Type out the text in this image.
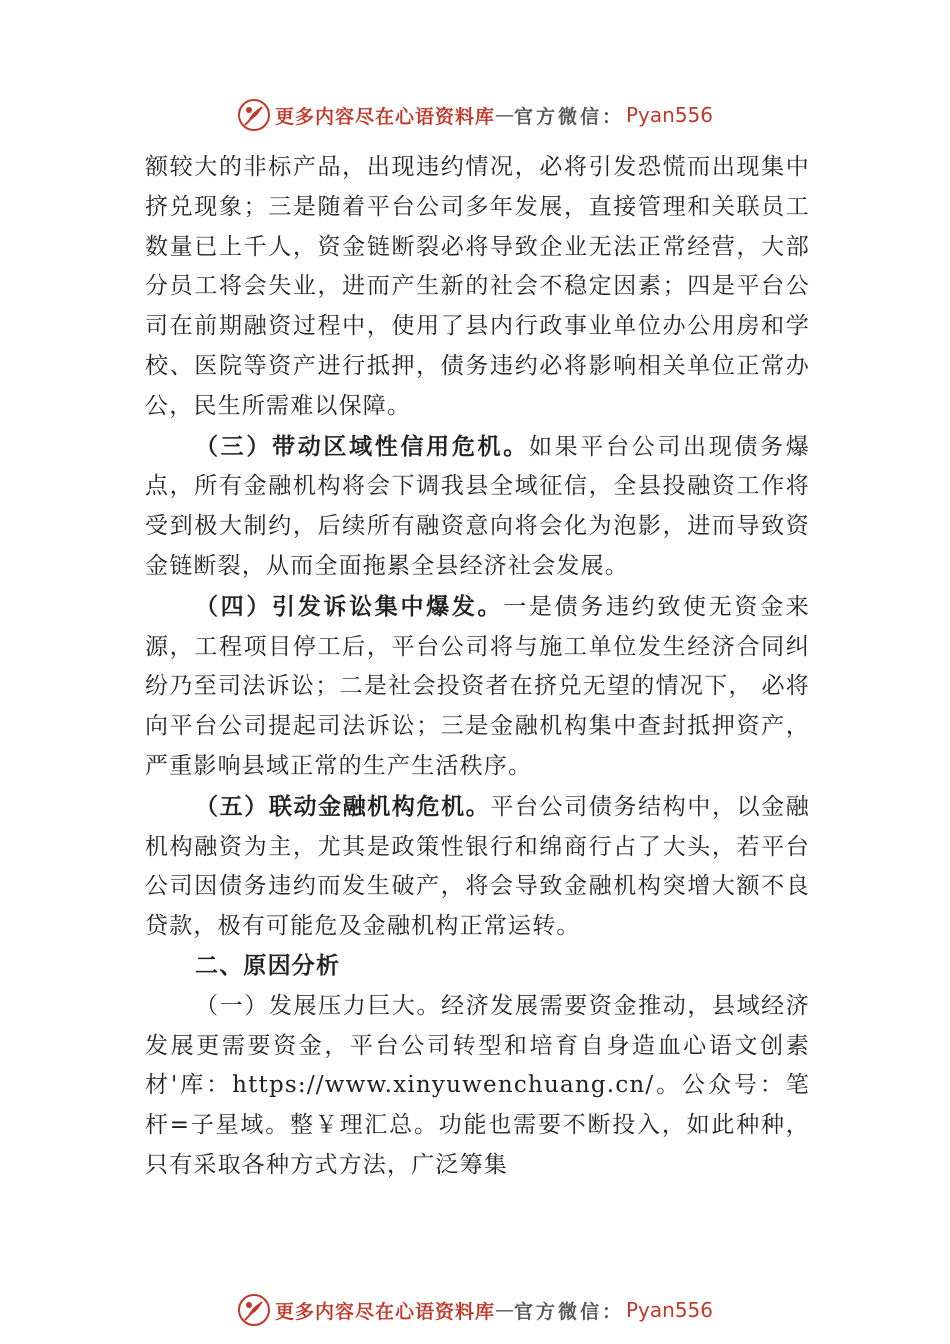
更多内容尽在心语资料库 — 官方微信： Pyan556

额较大的非标产品，出现违约情况，必将引发恐慌而出现集中挤兑现象；三是随着平台公司多年发展，直接管理和关联员工数量已上千人，资金链断裂必将导致企业无法正常经营，大部分员工将会失业，进而产生新的社会不稳定因素；四是平台公司在前期融资过程中，使用了县内行政事业单位办公用房和学校、医院等资产进行抵押，债务违约必将影响相关单位正常办公，民生所需难以保障。

（三）带动区域性信用危机。如果平台公司出现债务爆点，所有金融机构将会下调我县全域征信，全县投融资工作将受到极大制约，后续所有融资意向将会化为泡影，进而导致资金链断裂，从而全面拖累全县经济社会发展。

（四）引发诉讼集中爆发。一是债务违约致使无资金来源，工程项目停工后，平台公司将与施工单位发生经济合同纠纷乃至司法诉讼；二是社会投资者在挤兑无望的情况下， 必将向平台公司提起司法诉讼；三是金融机构集中查封抵押资产，严重影响县域正常的生产生活秩序。

（五）联动金融机构危机。平台公司债务结构中，以金融机构融资为主，尤其是政策性银行和绵商行占了大头，若平台公司因债务违约而发生破产，将会导致金融机构突增大额不良贷款，极有可能危及金融机构正常运转。

二、原因分析

（一）发展压力巨大。经济发展需要资金推动，县域经济发展更需要资金，平台公司转型和培育自身造血心语文创素材'库：https://www.xinyuwenchuang.cn/。公众号：笔杆=子星域。整￥理汇总。功能也需要不断投入，如此种种，只有采取各种方式方法，广泛筹集

更多内容尽在心语资料库 — 官方微信： Pyan556
